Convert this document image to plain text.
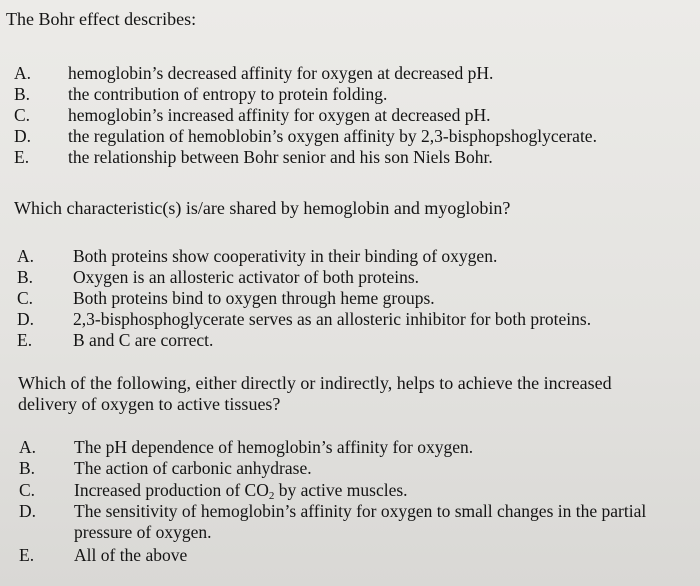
The Bohr effect describes:
A. hemoglobin’s decreased affinity for oxygen at decreased pH.
B. the contribution of entropy to protein folding.
C. hemoglobin’s increased affinity for oxygen at decreased pH.
D. the regulation of hemoblobin’s oxygen affinity by 2,3-bisphopshoglycerate.
E. the relationship between Bohr senior and his son Niels Bohr.
Which characteristic(s) is/are shared by hemoglobin and myoglobin?
A. Both proteins show cooperativity in their binding of oxygen.
B. Oxygen is an allosteric activator of both proteins.
C. Both proteins bind to oxygen through heme groups.
D. 2,3-bisphosphoglycerate serves as an allosteric inhibitor for both proteins.
E. B and C are correct.
Which of the following, either directly or indirectly, helps to achieve the increased
delivery of oxygen to active tissues?
A. The pH dependence of hemoglobin’s affinity for oxygen.
B. The action of carbonic anhydrase.
C. Increased production of $CO_2$ by active muscles.
D. The sensitivity of hemoglobin’s affinity for oxygen to small changes in the partial
pressure of oxygen.
E. All of the above
